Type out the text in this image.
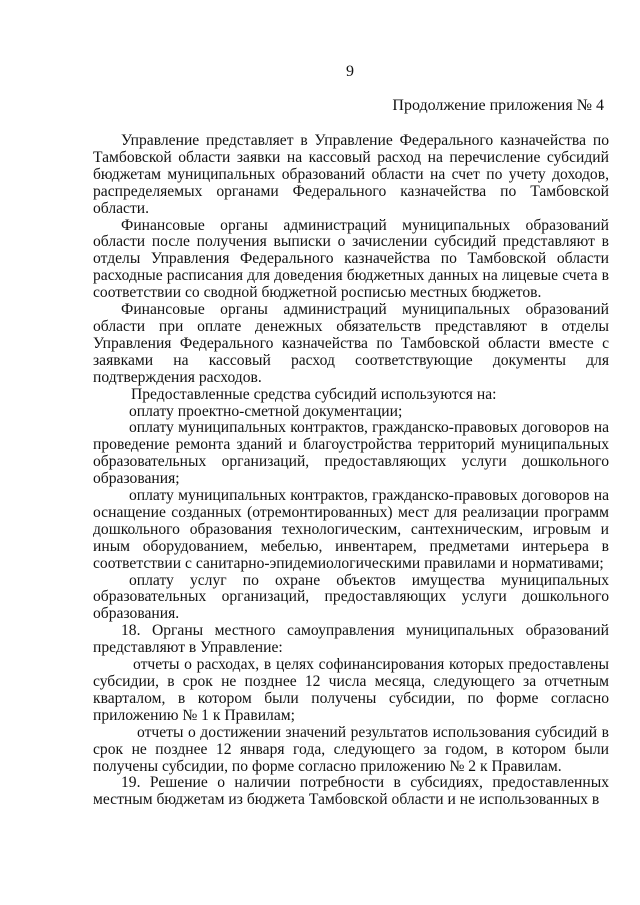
9
Продолжение приложения № 4

Управление представляет в Управление Федерального казначейства по Тамбовской области заявки на кассовый расход на перечисление субсидий бюджетам муниципальных образований области на счет по учету доходов, распределяемых органами Федерального казначейства по Тамбовской области.

Финансовые органы администраций муниципальных образований области после получения выписки о зачислении субсидий представляют в отделы Управления Федерального казначейства по Тамбовской области расходные расписания для доведения бюджетных данных на лицевые счета в соответствии со сводной бюджетной росписью местных бюджетов.

Финансовые органы администраций муниципальных образований области при оплате денежных обязательств представляют в отделы Управления Федерального казначейства по Тамбовской области вместе с заявками на кассовый расход соответствующие документы для подтверждения расходов.

Предоставленные средства субсидий используются на:

оплату проектно-сметной документации;

оплату муниципальных контрактов, гражданско-правовых договоров на проведение ремонта зданий и благоустройства территорий муниципальных образовательных организаций, предоставляющих услуги дошкольного образования;

оплату муниципальных контрактов, гражданско-правовых договоров на оснащение созданных (отремонтированных) мест для реализации программ дошкольного образования технологическим, сантехническим, игровым и иным оборудованием, мебелью, инвентарем, предметами интерьера в соответствии с санитарно-эпидемиологическими правилами и нормативами;

оплату услуг по охране объектов имущества муниципальных образовательных организаций, предоставляющих услуги дошкольного образования.

18. Органы местного самоуправления муниципальных образований представляют в Управление:

отчеты о расходах, в целях софинансирования которых предоставлены субсидии, в срок не позднее 12 числа месяца, следующего за отчетным кварталом, в котором были получены субсидии, по форме согласно приложению № 1 к Правилам;

отчеты о достижении значений результатов использования субсидий в срок не позднее 12 января года, следующего за годом, в котором были получены субсидии, по форме согласно приложению № 2 к Правилам.

19. Решение о наличии потребности в субсидиях, предоставленных местным бюджетам из бюджета Тамбовской области и не использованных в
